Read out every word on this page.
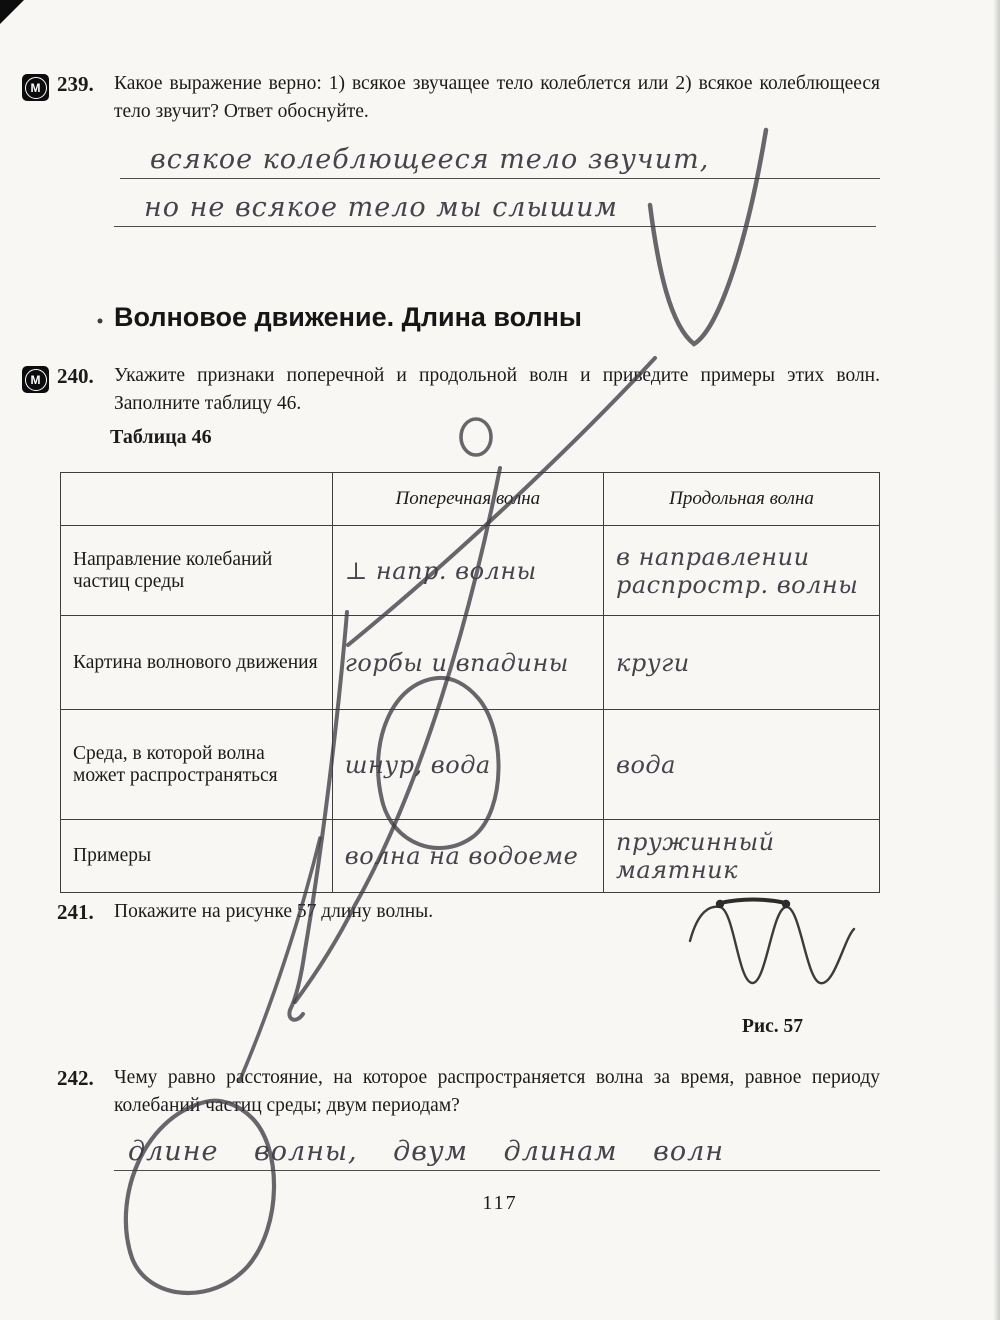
М 239. Какое выражение верно: 1) всякое звучащее тело колеблется или 2) всякое колеблющееся тело звучит? Ответ обоснуйте.

всякое колеблющееся тело звучит,
но не всякое тело мы слышим
Волновое движение. Длина волны
М 240. Укажите признаки поперечной и продольной волн и приведите примеры этих волн. Заполните таблицу 46.

Таблица 46
	Поперечная волна	Продольная волна
Направление колебаний частиц среды	⊥ напр. волны	в направлении распростр. волны
Картина волнового движения	горбы и впадины	круги
Среда, в которой волна может распространяться	шнур, вода	вода
Примеры	волна на водоеме	пружинный маятник
241. Покажите на рисунке 57 длину волны.

Рис. 57
242. Чему равно расстояние, на которое распространяется волна за время, равное периоду колебаний частиц среды; двум периодам?

длине волны, двум длинам волн
117
